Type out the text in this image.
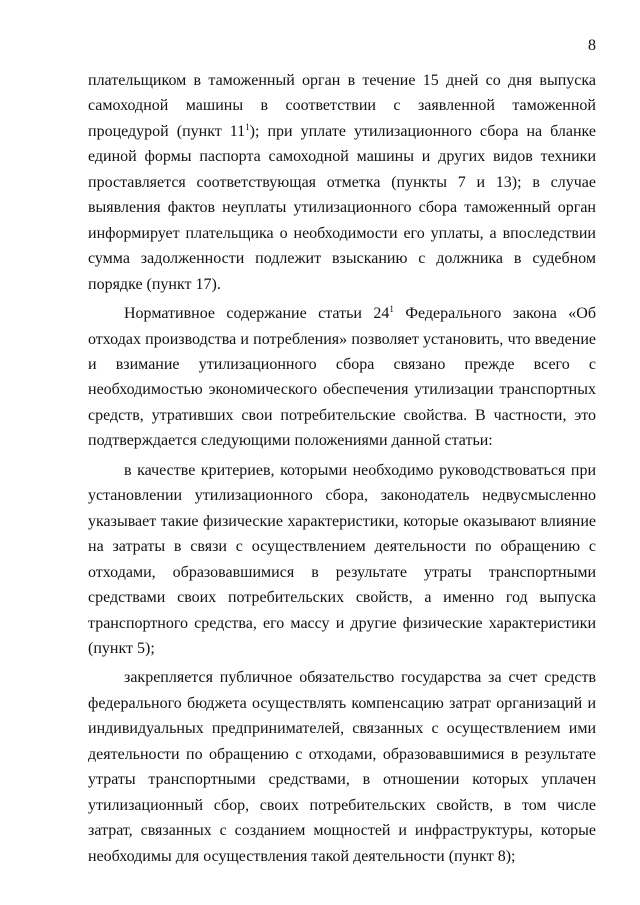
8

плательщиком в таможенный орган в течение 15 дней со дня выпуска самоходной машины в соответствии с заявленной таможенной процедурой (пункт $11^1$); при уплате утилизационного сбора на бланке единой формы паспорта самоходной машины и других видов техники проставляется соответствующая отметка (пункты 7 и 13); в случае выявления фактов неуплаты утилизационного сбора таможенный орган информирует плательщика о необходимости его уплаты, а впоследствии сумма задолженности подлежит взысканию с должника в судебном порядке (пункт 17).

Нормативное содержание статьи $24^1$ Федерального закона «Об отходах производства и потребления» позволяет установить, что введение и взимание утилизационного сбора связано прежде всего с необходимостью экономического обеспечения утилизации транспортных средств, утративших свои потребительские свойства. В частности, это подтверждается следующими положениями данной статьи:

в качестве критериев, которыми необходимо руководствоваться при установлении утилизационного сбора, законодатель недвусмысленно указывает такие физические характеристики, которые оказывают влияние на затраты в связи с осуществлением деятельности по обращению с отходами, образовавшимися в результате утраты транспортными средствами своих потребительских свойств, а именно год выпуска транспортного средства, его массу и другие физические характеристики (пункт 5);

закрепляется публичное обязательство государства за счет средств федерального бюджета осуществлять компенсацию затрат организаций и индивидуальных предпринимателей, связанных с осуществлением ими деятельности по обращению с отходами, образовавшимися в результате утраты транспортными средствами, в отношении которых уплачен утилизационный сбор, своих потребительских свойств, в том числе затрат, связанных с созданием мощностей и инфраструктуры, которые необходимы для осуществления такой деятельности (пункт 8);
